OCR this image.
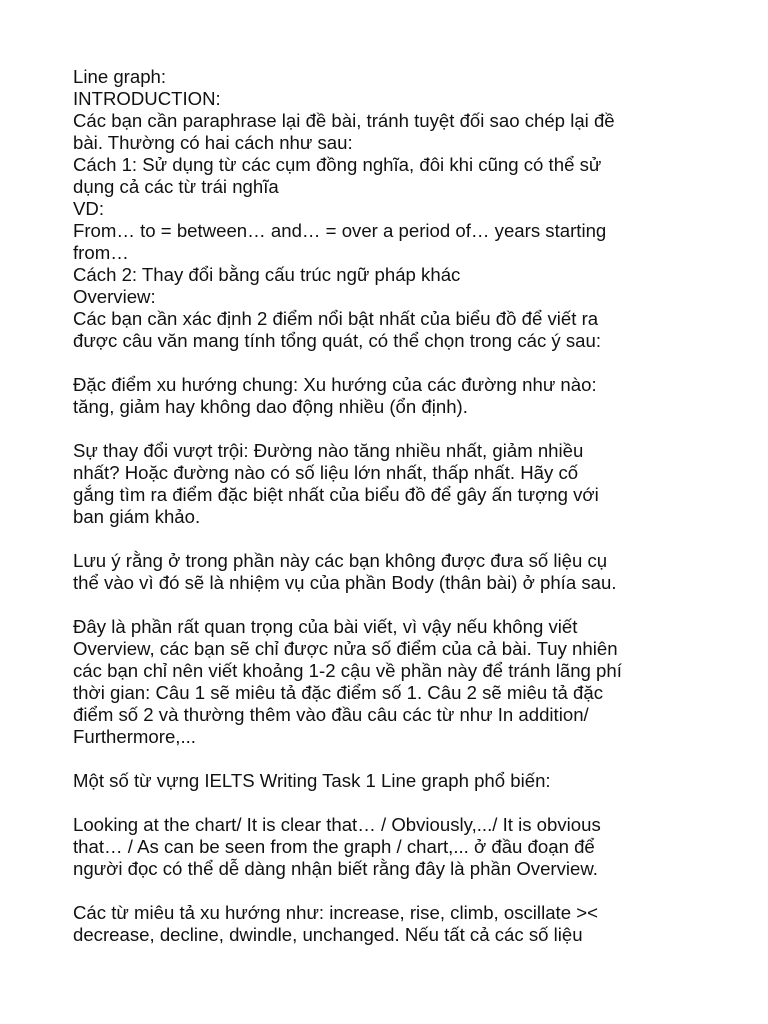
Line graph:
INTRODUCTION:
Các bạn cần paraphrase lại đề bài, tránh tuyệt đối sao chép lại đề
bài. Thường có hai cách như sau:
Cách 1: Sử dụng từ các cụm đồng nghĩa, đôi khi cũng có thể sử
dụng cả các từ trái nghĩa
VD:
From… to = between… and… = over a period of… years starting
from…
Cách 2: Thay đổi bằng cấu trúc ngữ pháp khác
Overview:
Các bạn cần xác định 2 điểm nổi bật nhất của biểu đồ để viết ra
được câu văn mang tính tổng quát, có thể chọn trong các ý sau:
Đặc điểm xu hướng chung: Xu hướng của các đường như nào:
tăng, giảm hay không dao động nhiều (ổn định).
Sự thay đổi vượt trội: Đường nào tăng nhiều nhất, giảm nhiều
nhất? Hoặc đường nào có số liệu lớn nhất, thấp nhất. Hãy cố
gắng tìm ra điểm đặc biệt nhất của biểu đồ để gây ấn tượng với
ban giám khảo.
Lưu ý rằng ở trong phần này các bạn không được đưa số liệu cụ
thể vào vì đó sẽ là nhiệm vụ của phần Body (thân bài) ở phía sau.
Đây là phần rất quan trọng của bài viết, vì vậy nếu không viết
Overview, các bạn sẽ chỉ được nửa số điểm của cả bài. Tuy nhiên
các bạn chỉ nên viết khoảng 1-2 cậu về phần này để tránh lãng phí
thời gian: Câu 1 sẽ miêu tả đặc điểm số 1. Câu 2 sẽ miêu tả đặc
điểm số 2 và thường thêm vào đầu câu các từ như In addition/
Furthermore,...
Một số từ vựng IELTS Writing Task 1 Line graph phổ biến:
Looking at the chart/ It is clear that… / Obviously,.../ It is obvious
that… / As can be seen from the graph / chart,... ở đầu đoạn để
người đọc có thể dễ dàng nhận biết rằng đây là phần Overview.
Các từ miêu tả xu hướng như: increase, rise, climb, oscillate ><
decrease, decline, dwindle, unchanged. Nếu tất cả các số liệu
